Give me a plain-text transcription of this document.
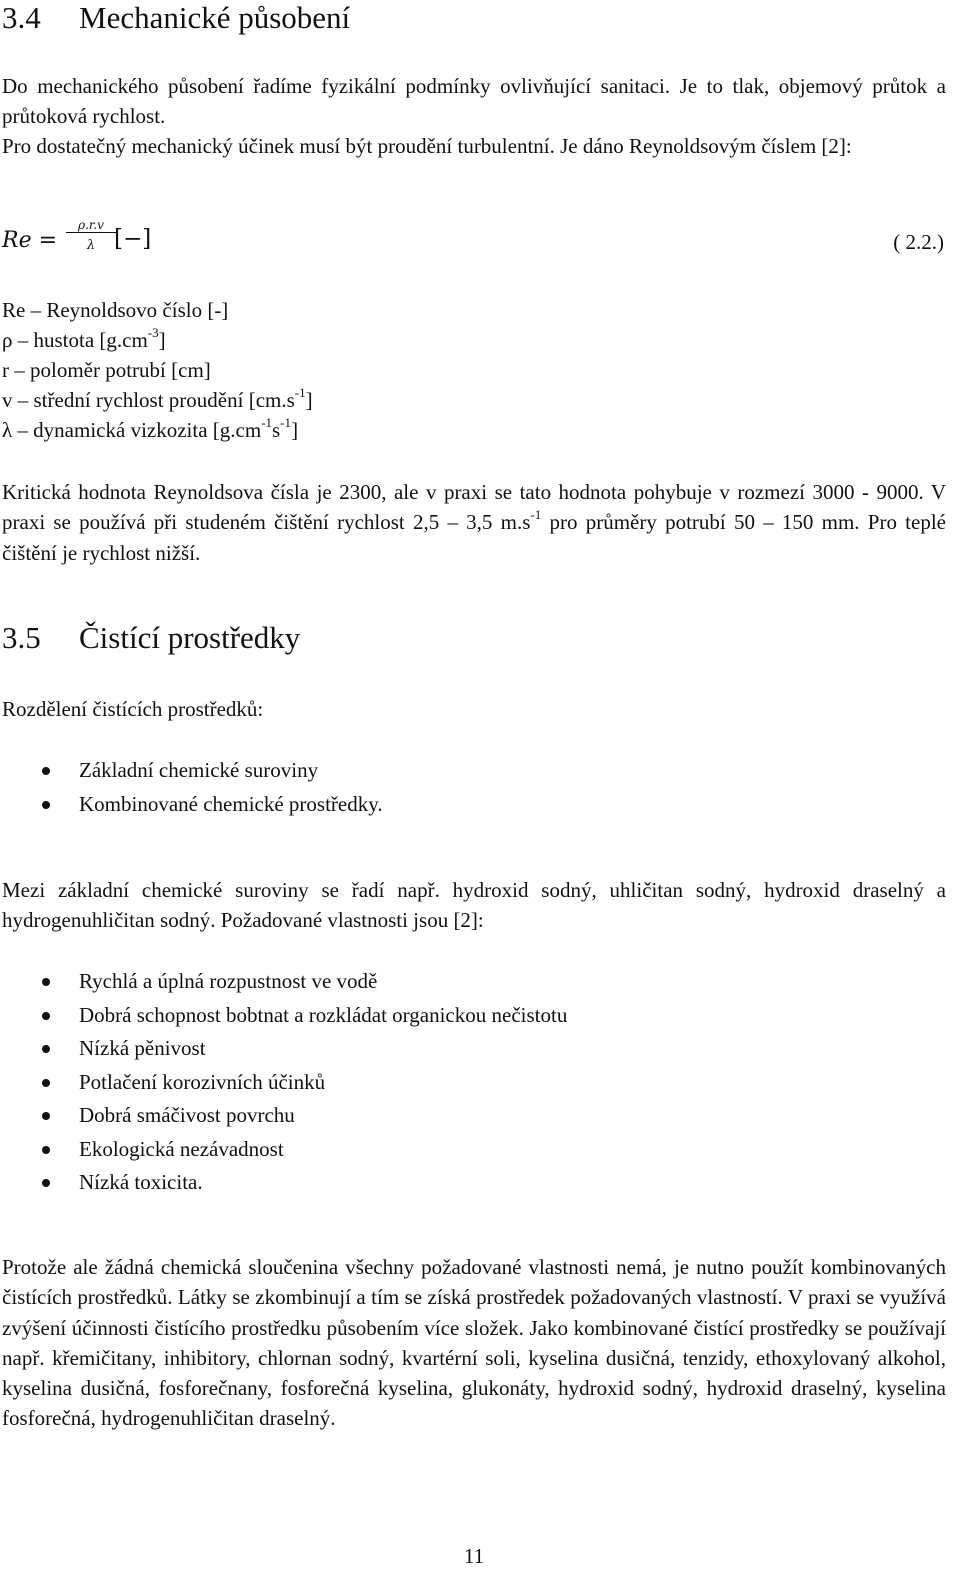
3.4 Mechanické působení

Do mechanického působení řadíme fyzikální podmínky ovlivňující sanitaci. Je to tlak, objemový průtok a průtoková rychlost.

Pro dostatečný mechanický účinek musí být proudění turbulentní. Je dáno Reynoldsovým číslem [2]:

Re =
ρ.r.v
λ [−]	( 2.2.)
Re – Reynoldsovo číslo [-]
ρ – hustota $[g.cm^{-3}]$
r – poloměr potrubí [cm]
v – střední rychlost proudění $[cm.s^{-1}]$
λ – dynamická vizkozita $[g.cm^{-1}s^{-1}]$

Kritická hodnota Reynoldsova čísla je 2300, ale v praxi se tato hodnota pohybuje v rozmezí 3000 - 9000. V praxi se používá při studeném čištění rychlost 2,5 – 3,5 $m.s^{-1}$ pro průměry potrubí 50 – 150 mm. Pro teplé čištění je rychlost nižší.

3.5 Čistící prostředky

Rozdělení čistících prostředků:

Základní chemické suroviny
Kombinované chemické prostředky.

Mezi základní chemické suroviny se řadí např. hydroxid sodný, uhličitan sodný, hydroxid draselný a hydrogenuhličitan sodný. Požadované vlastnosti jsou [2]:

Rychlá a úplná rozpustnost ve vodě
Dobrá schopnost bobtnat a rozkládat organickou nečistotu
Nízká pěnivost
Potlačení korozivních účinků
Dobrá smáčivost povrchu
Ekologická nezávadnost
Nízká toxicita.

Protože ale žádná chemická sloučenina všechny požadované vlastnosti nemá, je nutno použít kombinovaných čistících prostředků. Látky se zkombinují a tím se získá prostředek požadovaných vlastností. V praxi se využívá zvýšení účinnosti čistícího prostředku působením více složek. Jako kombinované čistící prostředky se používají např. křemičitany, inhibitory, chlornan sodný, kvartérní soli, kyselina dusičná, tenzidy, ethoxylovaný alkohol, kyselina dusičná, fosforečnany, fosforečná kyselina, glukonáty, hydroxid sodný, hydroxid draselný, kyselina fosforečná, hydrogenuhličitan draselný.

11
